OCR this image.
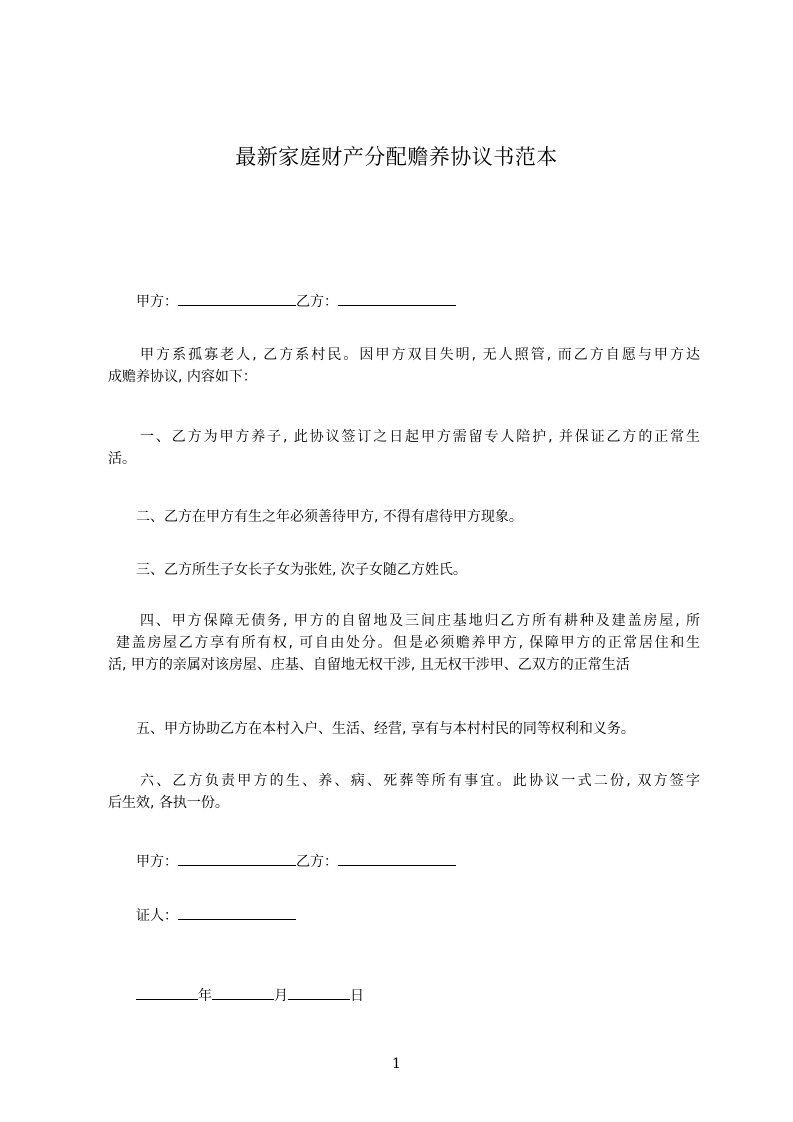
最新家庭财产分配赡养协议书范本
甲方：	乙方：
甲方系孤寡老人, 乙方系村民。因甲方双目失明, 无人照管, 而乙方自愿与甲方达
成赡养协议, 内容如下：
一、乙方为甲方养子, 此协议签订之日起甲方需留专人陪护, 并保证乙方的正常生
活。
二、乙方在甲方有生之年必须善待甲方, 不得有虐待甲方现象。
三、乙方所生子女长子女为张姓, 次子女随乙方姓氏。
四、甲方保障无债务, 甲方的自留地及三间庄基地归乙方所有耕种及建盖房屋, 所
建盖房屋乙方享有所有权, 可自由处分。但是必须赡养甲方, 保障甲方的正常居住和生
活, 甲方的亲属对该房屋、庄基、自留地无权干涉, 且无权干涉甲、乙双方的正常生活
五、甲方协助乙方在本村入户、生活、经营, 享有与本村村民的同等权利和义务。
六、乙方负责甲方的生、养、病、死葬等所有事宜。此协议一式二份, 双方签字
后生效, 各执一份。
甲方：	乙方：
证人：
年	月	日
1
